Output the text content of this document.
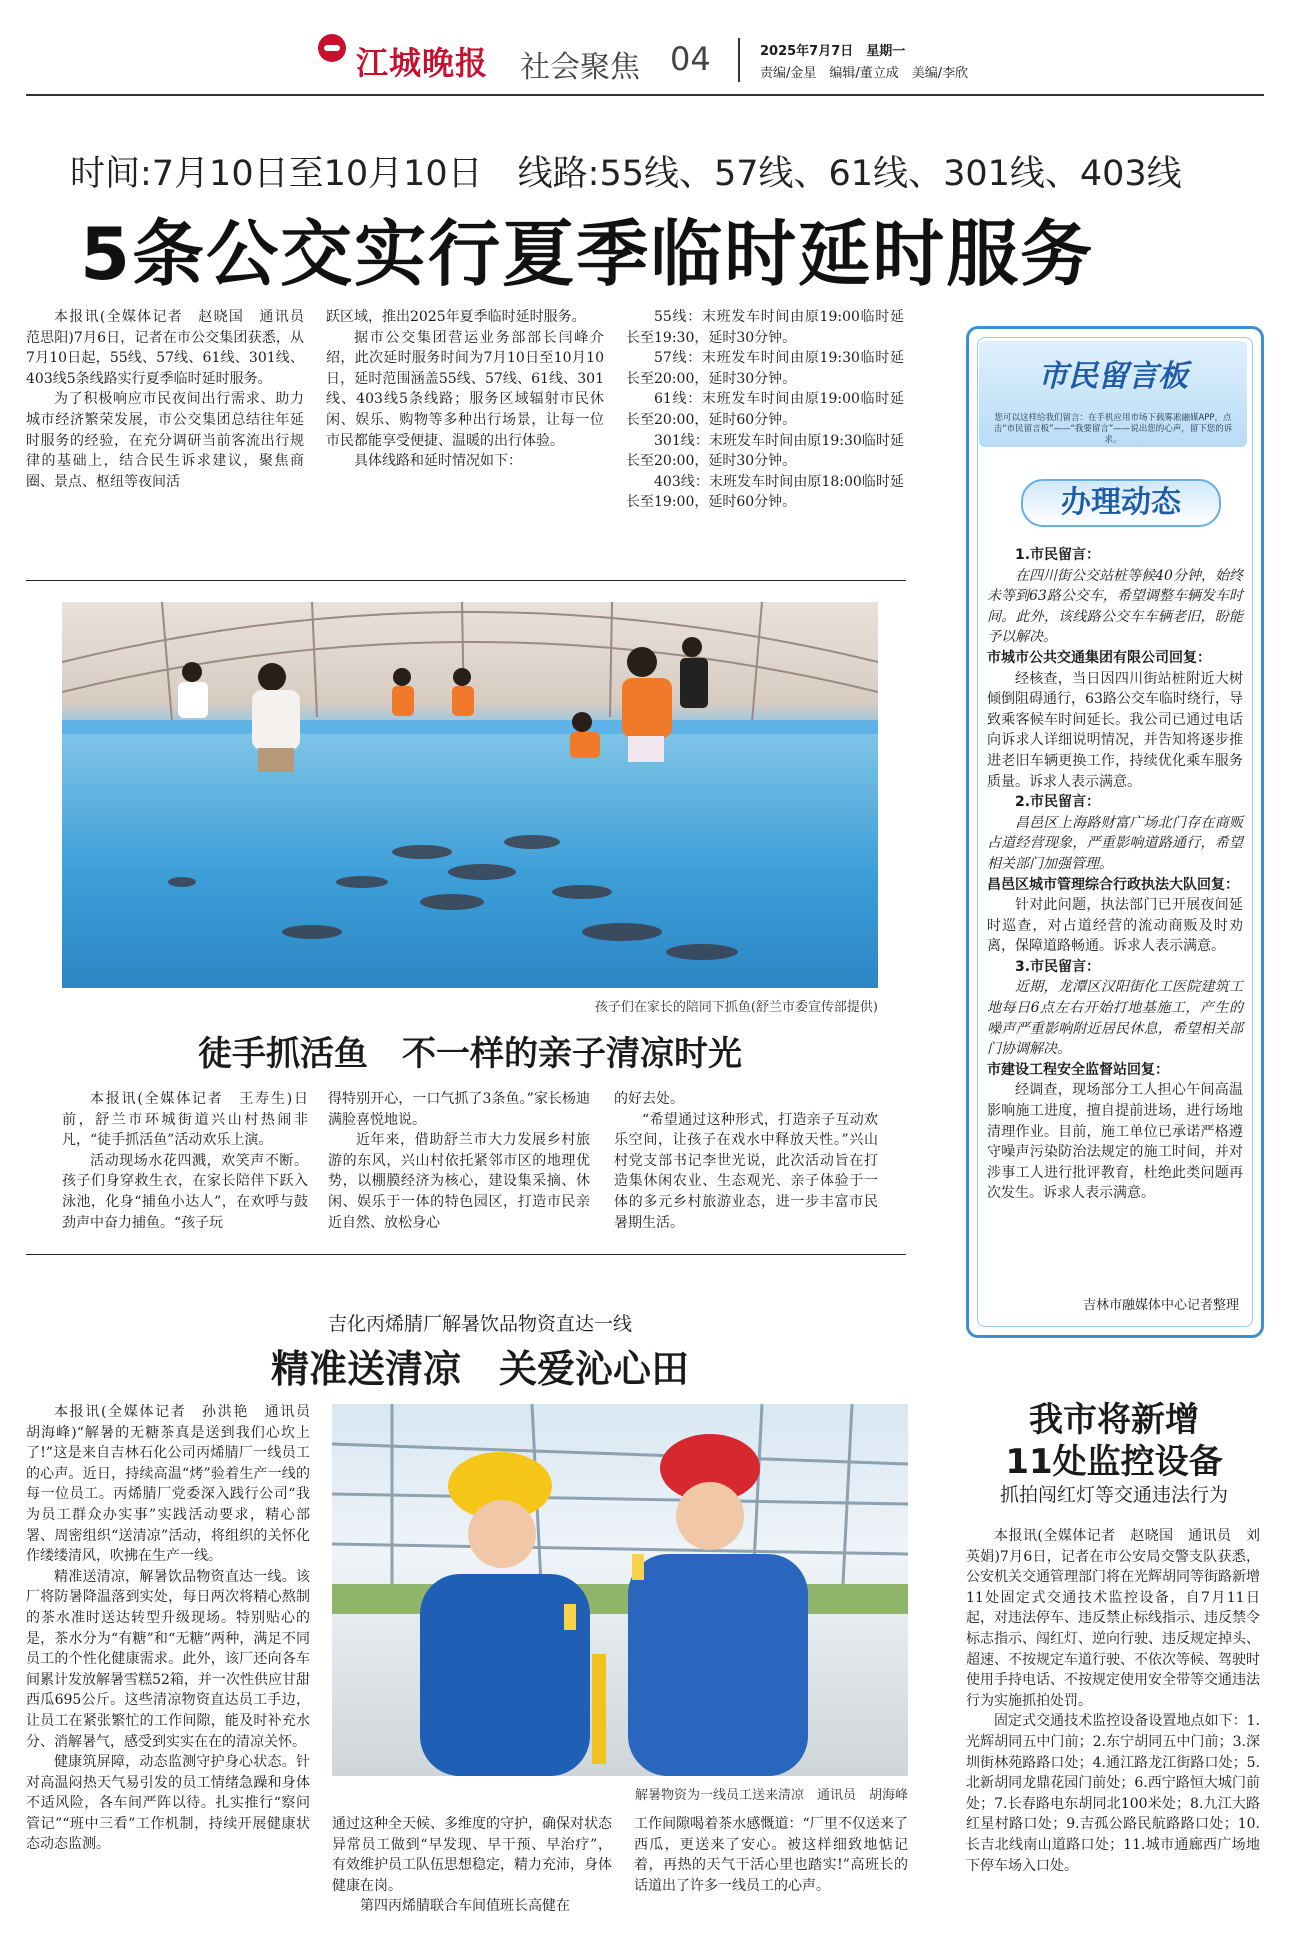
江城晚报 社会聚焦 04	2025年7月7日　星期一
责编/金星　编辑/董立成　美编/李欣
时间:7月10日至10月10日　线路:55线、57线、61线、301线、403线
5条公交实行夏季临时延时服务

本报讯(全媒体记者　赵晓国　通讯员　范思阳)7月6日，记者在市公交集团获悉，从7月10日起，55线、57线、61线、301线、403线5条线路实行夏季临时延时服务。

为了积极响应市民夜间出行需求、助力城市经济繁荣发展，市公交集团总结往年延时服务的经验，在充分调研当前客流出行规律的基础上，结合民生诉求建议，聚焦商圈、景点、枢纽等夜间活

跃区域，推出2025年夏季临时延时服务。

据市公交集团营运业务部部长闫峰介绍，此次延时服务时间为7月10日至10月10日，延时范围涵盖55线、57线、61线、301线、403线5条线路；服务区域辐射市民休闲、娱乐、购物等多种出行场景，让每一位市民都能享受便捷、温暖的出行体验。

具体线路和延时情况如下：

55线：末班发车时间由原19:00临时延长至19:30，延时30分钟。

57线：末班发车时间由原19:30临时延长至20:00，延时30分钟。

61线：末班发车时间由原19:00临时延长至20:00，延时60分钟。

301线：末班发车时间由原19:30临时延长至20:00，延时30分钟。

403线：末班发车时间由原18:00临时延长至19:00，延时60分钟。

孩子们在家长的陪同下抓鱼(舒兰市委宣传部提供)
徒手抓活鱼　不一样的亲子清凉时光

本报讯(全媒体记者　王寿生)日前，舒兰市环城街道兴山村热闹非凡，“徒手抓活鱼”活动欢乐上演。

活动现场水花四溅，欢笑声不断。孩子们身穿救生衣，在家长陪伴下跃入泳池，化身“捕鱼小达人”，在欢呼与鼓劲声中奋力捕鱼。“孩子玩

得特别开心，一口气抓了3条鱼。”家长杨迪满脸喜悦地说。

近年来，借助舒兰市大力发展乡村旅游的东风，兴山村依托紧邻市区的地理优势，以棚膜经济为核心，建设集采摘、休闲、娱乐于一体的特色园区，打造市民亲近自然、放松身心

的好去处。

“希望通过这种形式，打造亲子互动欢乐空间，让孩子在戏水中释放天性。”兴山村党支部书记李世光说，此次活动旨在打造集休闲农业、生态观光、亲子体验于一体的多元乡村旅游业态，进一步丰富市民暑期生活。

吉化丙烯腈厂解暑饮品物资直达一线
精准送清凉　关爱沁心田

本报讯(全媒体记者　孙洪艳　通讯员　胡海峰)“解暑的无糖茶真是送到我们心坎上了!”这是来自吉林石化公司丙烯腈厂一线员工的心声。近日，持续高温“烤”验着生产一线的每一位员工。丙烯腈厂党委深入践行公司“我为员工群众办实事”实践活动要求，精心部署、周密组织“送清凉”活动，将组织的关怀化作缕缕清风，吹拂在生产一线。

精准送清凉，解暑饮品物资直达一线。该厂将防暑降温落到实处，每日两次将精心熬制的茶水准时送达转型升级现场。特别贴心的是，茶水分为“有糖”和“无糖”两种，满足不同员工的个性化健康需求。此外，该厂还向各车间累计发放解暑雪糕52箱，并一次性供应甘甜西瓜695公斤。这些清凉物资直达员工手边，让员工在紧张繁忙的工作间隙，能及时补充水分、消解暑气，感受到实实在在的清凉关怀。

健康筑屏障，动态监测守护身心状态。针对高温闷热天气易引发的员工情绪急躁和身体不适风险，各车间严阵以待。扎实推行“察问管记”“班中三看”工作机制，持续开展健康状态动态监测。

解暑物资为一线员工送来清凉　通讯员　胡海峰

通过这种全天候、多维度的守护，确保对状态异常员工做到“早发现、早干预、早治疗”，有效维护员工队伍思想稳定，精力充沛，身体健康在岗。

第四丙烯腈联合车间值班长高健在

工作间隙喝着茶水感慨道：“厂里不仅送来了西瓜，更送来了安心。被这样细致地惦记着，再热的天气干活心里也踏实!”高班长的话道出了许多一线员工的心声。

市民留言板
您可以这样给我们留言：在手机应用市场下载雾凇融媒APP，点击“市民留言板”——“我要留言”——说出您的心声，留下您的诉求。
办理动态

1.市民留言：

在四川街公交站桩等候40分钟，始终未等到63路公交车，希望调整车辆发车时间。此外，该线路公交车车辆老旧，盼能予以解决。

市城市公共交通集团有限公司回复：

经核查，当日因四川街站桩附近大树倾倒阻碍通行，63路公交车临时绕行，导致乘客候车时间延长。我公司已通过电话向诉求人详细说明情况，并告知将逐步推进老旧车辆更换工作，持续优化乘车服务质量。诉求人表示满意。

2.市民留言：

昌邑区上海路财富广场北门存在商贩占道经营现象，严重影响道路通行，希望相关部门加强管理。

昌邑区城市管理综合行政执法大队回复：

针对此问题，执法部门已开展夜间延时巡查，对占道经营的流动商贩及时劝离，保障道路畅通。诉求人表示满意。

3.市民留言：

近期，龙潭区汉阳街化工医院建筑工地每日6点左右开始打地基施工，产生的噪声严重影响附近居民休息，希望相关部门协调解决。

市建设工程安全监督站回复：

经调查，现场部分工人担心午间高温影响施工进度，擅自提前进场，进行场地清理作业。目前，施工单位已承诺严格遵守噪声污染防治法规定的施工时间，并对涉事工人进行批评教育，杜绝此类问题再次发生。诉求人表示满意。

吉林市融媒体中心记者整理
我市将新增
11处监控设备
抓拍闯红灯等交通违法行为

本报讯(全媒体记者　赵晓国　通讯员　刘英娟)7月6日，记者在市公安局交警支队获悉，公安机关交通管理部门将在光辉胡同等街路新增11处固定式交通技术监控设备，自7月11日起，对违法停车、违反禁止标线指示、违反禁令标志指示、闯红灯、逆向行驶、违反规定掉头、超速、不按规定车道行驶、不依次等候、驾驶时使用手持电话、不按规定使用安全带等交通违法行为实施抓拍处罚。

固定式交通技术监控设备设置地点如下：1.光辉胡同五中门前；2.东宁胡同五中门前；3.深圳街林苑路路口处；4.通江路龙江街路口处；5.北新胡同龙鼎花园门前处；6.西宁路恒大城门前处；7.长春路电东胡同北100米处；8.九江大路红星村路口处；9.吉孤公路民航路路口处；10.长吉北线南山道路口处；11.城市通廊西广场地下停车场入口处。
